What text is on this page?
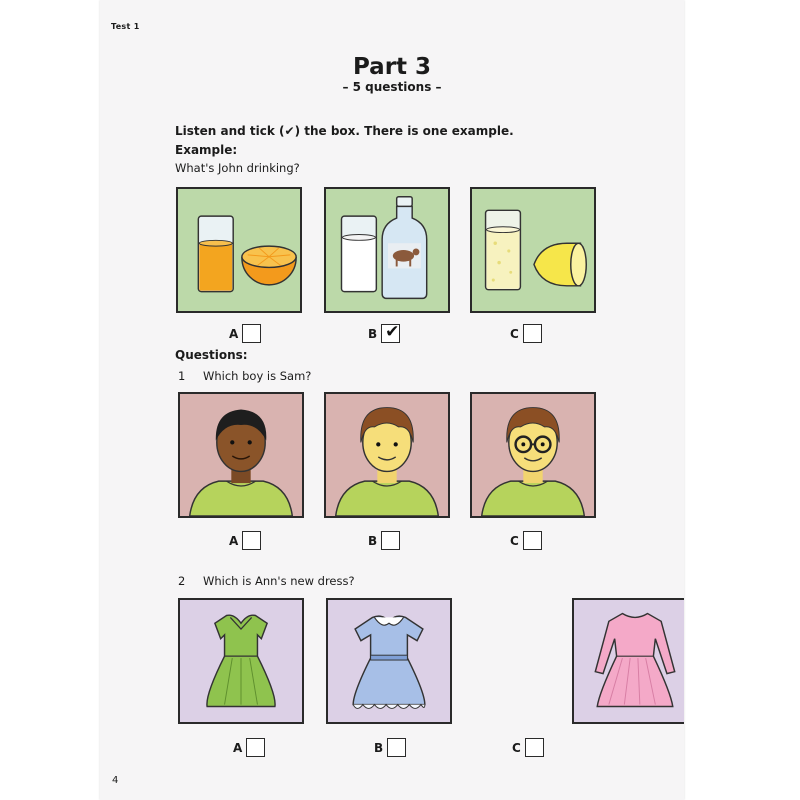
Test 1
Part 3
– 5 questions –
Listen and tick (✔) the box. There is one example.
Example:
What's John drinking?
A	B ✔	C
Questions:
1 Which boy is Sam?
A	B	C
2 Which is Ann's new dress?
A	B	C
4
